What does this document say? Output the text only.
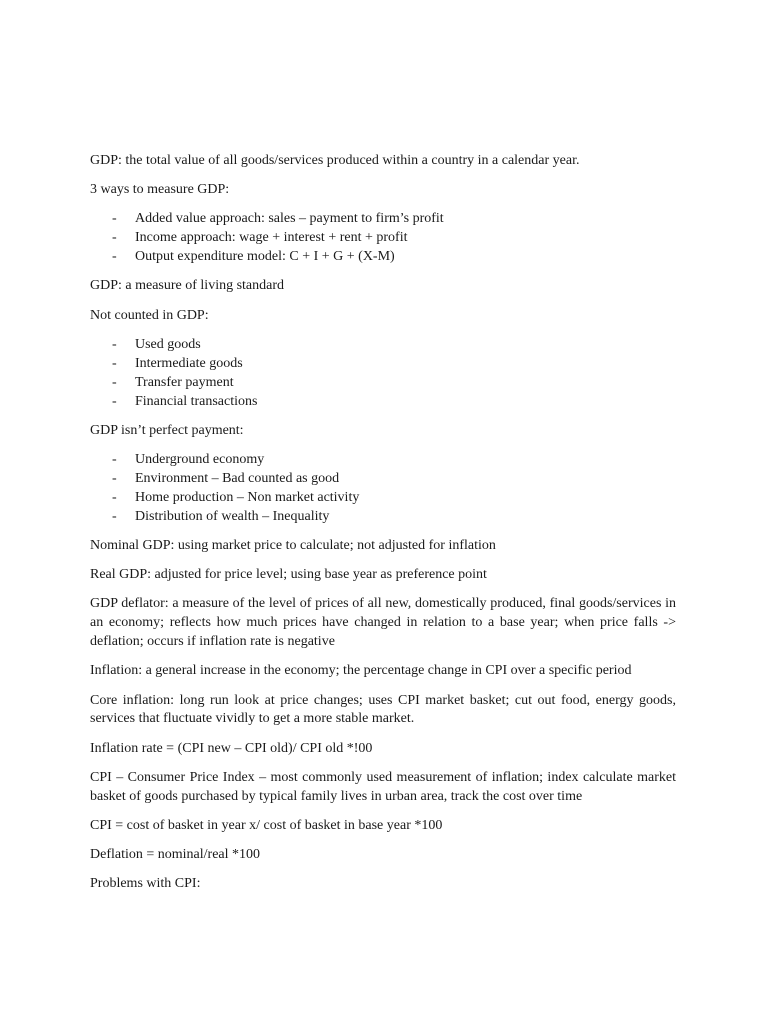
GDP: the total value of all goods/services produced within a country in a calendar year.

3 ways to measure GDP:

- Added value approach: sales – payment to firm’s profit
- Income approach: wage + interest + rent + profit
- Output expenditure model: C + I + G + (X-M)

GDP: a measure of living standard

Not counted in GDP:

- Used goods
- Intermediate goods
- Transfer payment
- Financial transactions

GDP isn’t perfect payment:

- Underground economy
- Environment – Bad counted as good
- Home production – Non market activity
- Distribution of wealth – Inequality

Nominal GDP: using market price to calculate; not adjusted for inflation

Real GDP: adjusted for price level; using base year as preference point

GDP deflator: a measure of the level of prices of all new, domestically produced, final goods/services in an economy; reflects how much prices have changed in relation to a base year; when price falls -> deflation; occurs if inflation rate is negative

Inflation: a general increase in the economy; the percentage change in CPI over a specific period

Core inflation: long run look at price changes; uses CPI market basket; cut out food, energy goods, services that fluctuate vividly to get a more stable market.

Inflation rate = (CPI new – CPI old)/ CPI old *!00

CPI – Consumer Price Index – most commonly used measurement of inflation; index calculate market basket of goods purchased by typical family lives in urban area, track the cost over time

CPI = cost of basket in year x/ cost of basket in base year *100

Deflation = nominal/real *100

Problems with CPI:
